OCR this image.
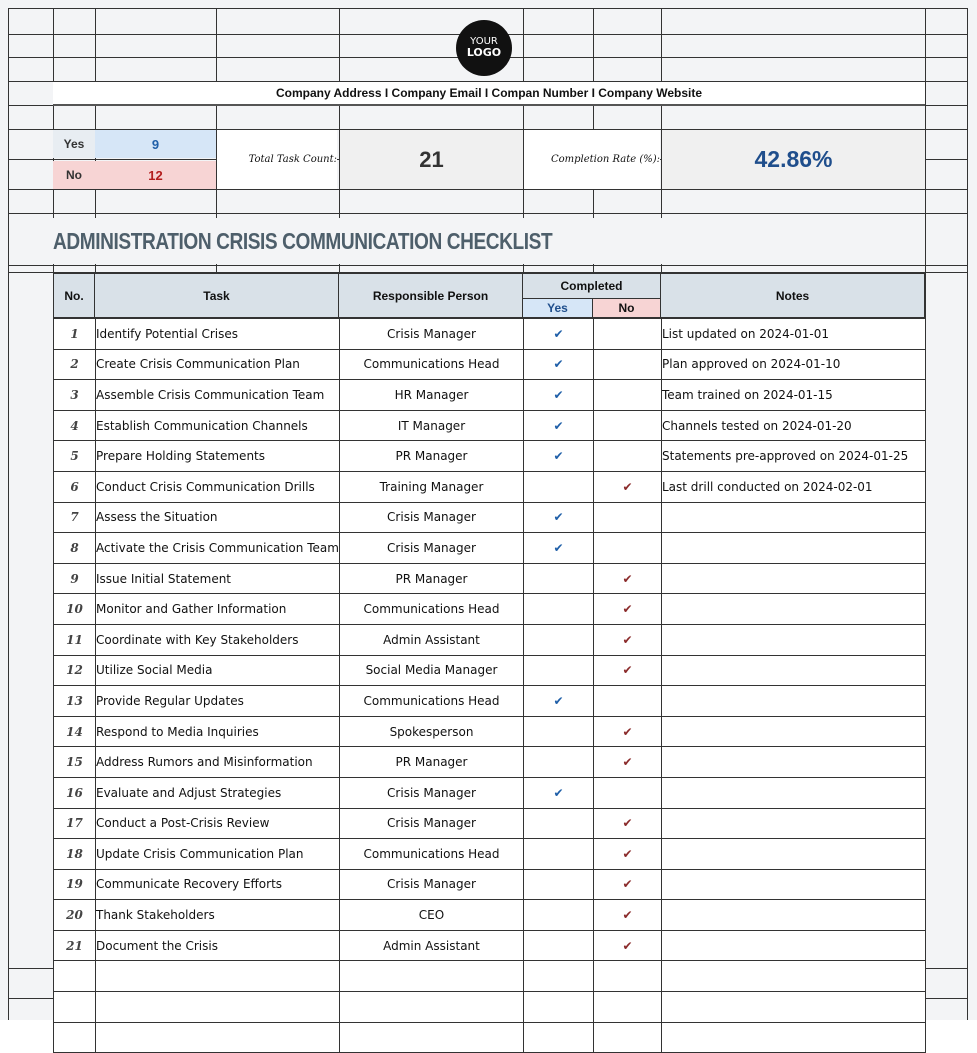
YOUR
LOGO
Company Address I Company Email I Compan Number I Company Website
Yes	9
No	12
Total Task Count:	21	Completion Rate (%):	42.86%
ADMINISTRATION CRISIS COMMUNICATION CHECKLIST
No.	Task	Responsible Person
Completed
Yes	No
Notes
1	Identify Potential Crises	Crisis Manager	✔		List updated on 2024-01-01
2	Create Crisis Communication Plan	Communications Head	✔		Plan approved on 2024-01-10
3	Assemble Crisis Communication Team	HR Manager	✔		Team trained on 2024-01-15
4	Establish Communication Channels	IT Manager	✔		Channels tested on 2024-01-20
5	Prepare Holding Statements	PR Manager	✔		Statements pre-approved on 2024-01-25
6	Conduct Crisis Communication Drills	Training Manager		✔	Last drill conducted on 2024-02-01
7	Assess the Situation	Crisis Manager	✔		
8	Activate the Crisis Communication Team	Crisis Manager	✔		
9	Issue Initial Statement	PR Manager		✔	
10	Monitor and Gather Information	Communications Head		✔	
11	Coordinate with Key Stakeholders	Admin Assistant		✔	
12	Utilize Social Media	Social Media Manager		✔	
13	Provide Regular Updates	Communications Head	✔		
14	Respond to Media Inquiries	Spokesperson		✔	
15	Address Rumors and Misinformation	PR Manager		✔	
16	Evaluate and Adjust Strategies	Crisis Manager	✔		
17	Conduct a Post-Crisis Review	Crisis Manager		✔	
18	Update Crisis Communication Plan	Communications Head		✔	
19	Communicate Recovery Efforts	Crisis Manager		✔	
20	Thank Stakeholders	CEO		✔	
21	Document the Crisis	Admin Assistant		✔	
